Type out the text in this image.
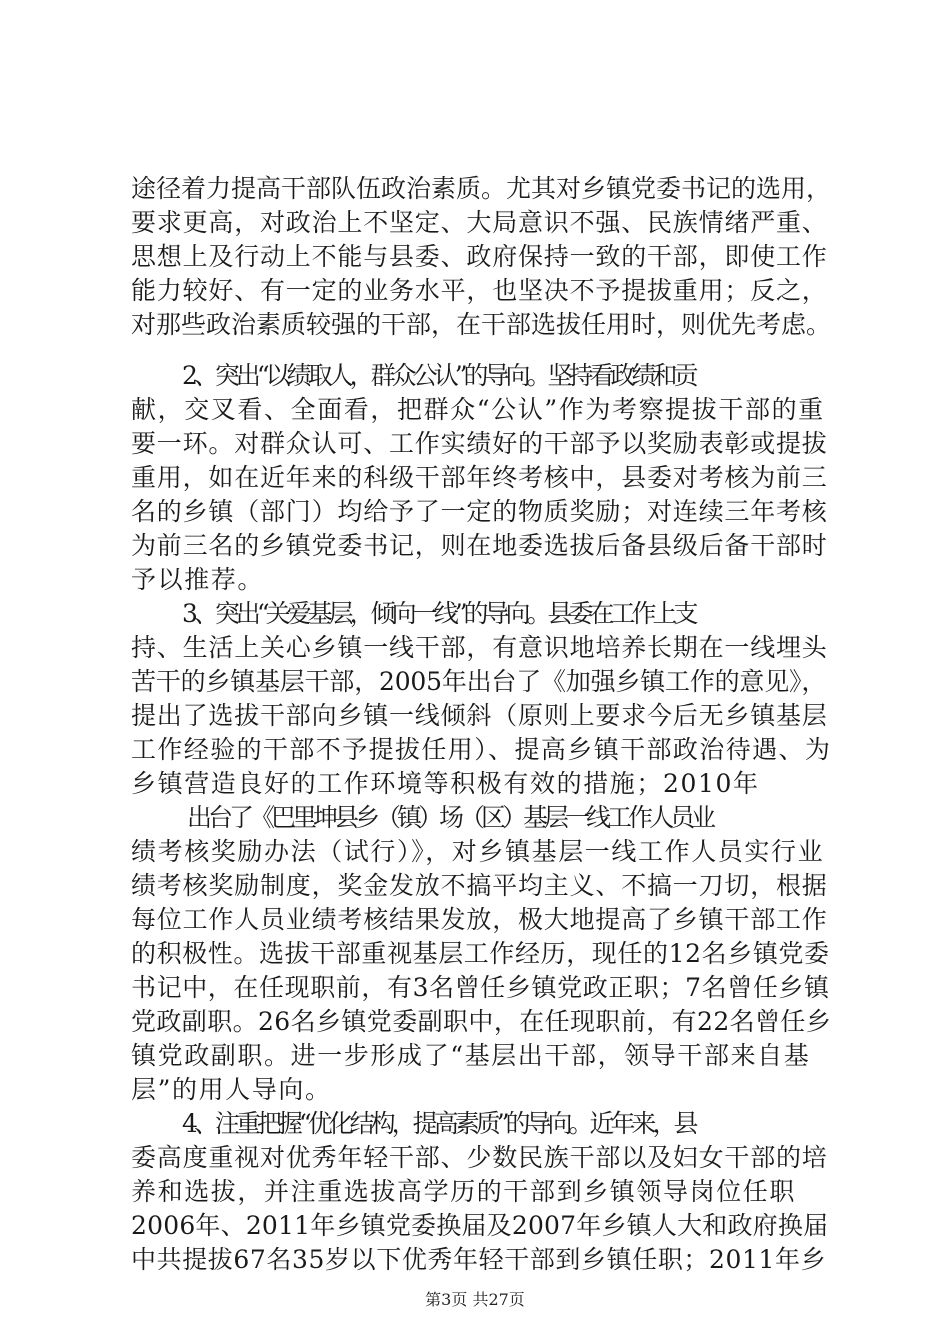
途径着力提高干部队伍政治素质。尤其对乡镇党委书记的选用，
要求更高，对政治上不坚定、大局意识不强、民族情绪严重、
思想上及行动上不能与县委、政府保持一致的干部，即使工作
能力较好、有一定的业务水平，也坚决不予提拔重用；反之，
对那些政治素质较强的干部，在干部选拔任用时，则优先考虑。
2、突出“以绩取人，群众公认”的导向。坚持看政绩和贡
献，交叉看、全面看，把群众“公认”作为考察提拔干部的重
要一环。对群众认可、工作实绩好的干部予以奖励表彰或提拔
重用，如在近年来的科级干部年终考核中，县委对考核为前三
名的乡镇（部门）均给予了一定的物质奖励；对连续三年考核
为前三名的乡镇党委书记，则在地委选拔后备县级后备干部时
予以推荐。
3、突出“关爱基层，倾向一线”的导向。县委在工作上支
持、生活上关心乡镇一线干部，有意识地培养长期在一线埋头
苦干的乡镇基层干部，2005年出台了《加强乡镇工作的意见》，
提出了选拔干部向乡镇一线倾斜（原则上要求今后无乡镇基层
工作经验的干部不予提拔任用）、提高乡镇干部政治待遇、为
乡镇营造良好的工作环境等积极有效的措施；2010年
出台了《巴里坤县乡（镇）场（区）基层一线工作人员业
绩考核奖励办法（试行）》，对乡镇基层一线工作人员实行业
绩考核奖励制度，奖金发放不搞平均主义、不搞一刀切，根据
每位工作人员业绩考核结果发放，极大地提高了乡镇干部工作
的积极性。选拔干部重视基层工作经历，现任的12名乡镇党委
书记中，在任现职前，有3名曾任乡镇党政正职；7名曾任乡镇
党政副职。26名乡镇党委副职中，在任现职前，有22名曾任乡
镇党政副职。进一步形成了“基层出干部，领导干部来自基
层”的用人导向。
4、注重把握“优化结构，提高素质”的导向。近年来，县
委高度重视对优秀年轻干部、少数民族干部以及妇女干部的培
养和选拔，并注重选拔高学历的干部到乡镇领导岗位任职
2006年、2011年乡镇党委换届及2007年乡镇人大和政府换届
中共提拔67名35岁以下优秀年轻干部到乡镇任职；2011年乡
第3页 共27页
